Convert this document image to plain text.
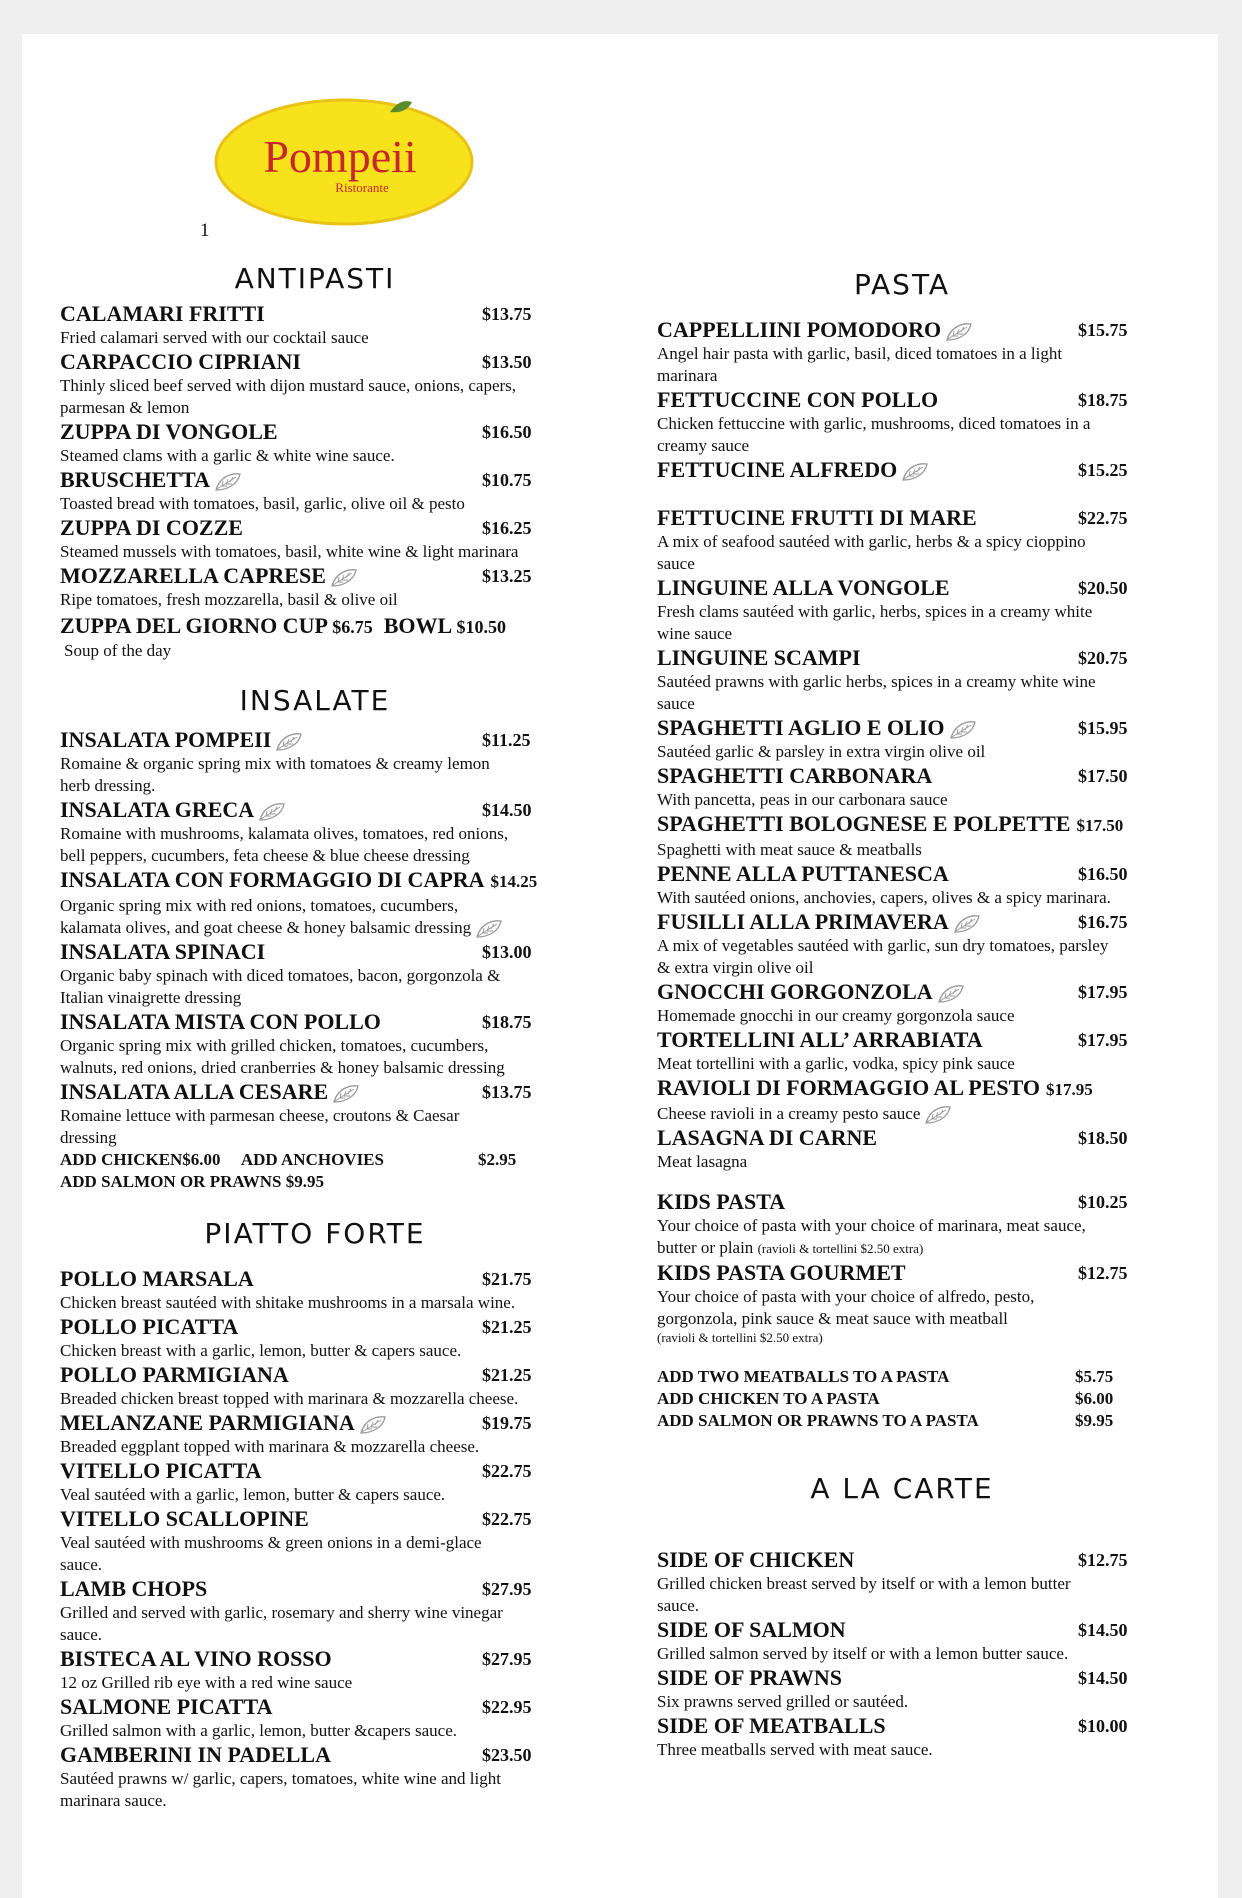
Pompeii
Ristorante
1
ANTIPASTI
CALAMARI FRITTI	$13.75
Fried calamari served with our cocktail sauce
CARPACCIO CIPRIANI	$13.50
Thinly sliced beef served with dijon mustard sauce, onions, capers,
parmesan & lemon
ZUPPA DI VONGOLE	$16.50
Steamed clams with a garlic & white wine sauce.
BRUSCHETTA	$10.75
Toasted bread with tomatoes, basil, garlic, olive oil & pesto
ZUPPA DI COZZE	$16.25
Steamed mussels with tomatoes, basil, white wine & light marinara
MOZZARELLA CAPRESE	$13.25
Ripe tomatoes, fresh mozzarella, basil & olive oil
ZUPPA DEL GIORNO CUP $6.75 BOWL $10.50
Soup of the day
INSALATE
INSALATA POMPEII	$11.25
Romaine & organic spring mix with tomatoes & creamy lemon
herb dressing.
INSALATA GRECA	$14.50
Romaine with mushrooms, kalamata olives, tomatoes, red onions,
bell peppers, cucumbers, feta cheese & blue cheese dressing
INSALATA CON FORMAGGIO DI CAPRA $14.25
Organic spring mix with red onions, tomatoes, cucumbers,
kalamata olives, and goat cheese & honey balsamic dressing
INSALATA SPINACI	$13.00
Organic baby spinach with diced tomatoes, bacon, gorgonzola &
Italian vinaigrette dressing
INSALATA MISTA CON POLLO	$18.75
Organic spring mix with grilled chicken, tomatoes, cucumbers,
walnuts, red onions, dried cranberries & honey balsamic dressing
INSALATA ALLA CESARE	$13.75
Romaine lettuce with parmesan cheese, croutons & Caesar
dressing
ADD CHICKEN$6.00 ADD ANCHOVIES	$2.95
ADD SALMON OR PRAWNS $9.95
PIATTO FORTE
POLLO MARSALA	$21.75
Chicken breast sautéed with shitake mushrooms in a marsala wine.
POLLO PICATTA	$21.25
Chicken breast with a garlic, lemon, butter & capers sauce.
POLLO PARMIGIANA	$21.25
Breaded chicken breast topped with marinara & mozzarella cheese.
MELANZANE PARMIGIANA	$19.75
Breaded eggplant topped with marinara & mozzarella cheese.
VITELLO PICATTA	$22.75
Veal sautéed with a garlic, lemon, butter & capers sauce.
VITELLO SCALLOPINE	$22.75
Veal sautéed with mushrooms & green onions in a demi-glace
sauce.
LAMB CHOPS	$27.95
Grilled and served with garlic, rosemary and sherry wine vinegar
sauce.
BISTECA AL VINO ROSSO	$27.95
12 oz Grilled rib eye with a red wine sauce
SALMONE PICATTA	$22.95
Grilled salmon with a garlic, lemon, butter &capers sauce.
GAMBERINI IN PADELLA	$23.50
Sautéed prawns w/ garlic, capers, tomatoes, white wine and light
marinara sauce.
PASTA
CAPPELLIINI POMODORO	$15.75
Angel hair pasta with garlic, basil, diced tomatoes in a light
marinara
FETTUCCINE CON POLLO	$18.75
Chicken fettuccine with garlic, mushrooms, diced tomatoes in a
creamy sauce
FETTUCINE ALFREDO	$15.25
FETTUCINE FRUTTI DI MARE	$22.75
A mix of seafood sautéed with garlic, herbs & a spicy cioppino
sauce
LINGUINE ALLA VONGOLE	$20.50
Fresh clams sautéed with garlic, herbs, spices in a creamy white
wine sauce
LINGUINE SCAMPI	$20.75
Sautéed prawns with garlic herbs, spices in a creamy white wine
sauce
SPAGHETTI AGLIO E OLIO	$15.95
Sautéed garlic & parsley in extra virgin olive oil
SPAGHETTI CARBONARA	$17.50
With pancetta, peas in our carbonara sauce
SPAGHETTI BOLOGNESE E POLPETTE $17.50
Spaghetti with meat sauce & meatballs
PENNE ALLA PUTTANESCA	$16.50
With sautéed onions, anchovies, capers, olives & a spicy marinara.
FUSILLI ALLA PRIMAVERA	$16.75
A mix of vegetables sautéed with garlic, sun dry tomatoes, parsley
& extra virgin olive oil
GNOCCHI GORGONZOLA	$17.95
Homemade gnocchi in our creamy gorgonzola sauce
TORTELLINI ALL’ ARRABIATA	$17.95
Meat tortellini with a garlic, vodka, spicy pink sauce
RAVIOLI DI FORMAGGIO AL PESTO $17.95
Cheese ravioli in a creamy pesto sauce
LASAGNA DI CARNE	$18.50
Meat lasagna
KIDS PASTA	$10.25
Your choice of pasta with your choice of marinara, meat sauce,
butter or plain (ravioli & tortellini $2.50 extra)
KIDS PASTA GOURMET	$12.75
Your choice of pasta with your choice of alfredo, pesto,
gorgonzola, pink sauce & meat sauce with meatball
(ravioli & tortellini $2.50 extra)
ADD TWO MEATBALLS TO A PASTA	$5.75
ADD CHICKEN TO A PASTA	$6.00
ADD SALMON OR PRAWNS TO A PASTA	$9.95
A LA CARTE
SIDE OF CHICKEN	$12.75
Grilled chicken breast served by itself or with a lemon butter
sauce.
SIDE OF SALMON	$14.50
Grilled salmon served by itself or with a lemon butter sauce.
SIDE OF PRAWNS	$14.50
Six prawns served grilled or sautéed.
SIDE OF MEATBALLS	$10.00
Three meatballs served with meat sauce.
